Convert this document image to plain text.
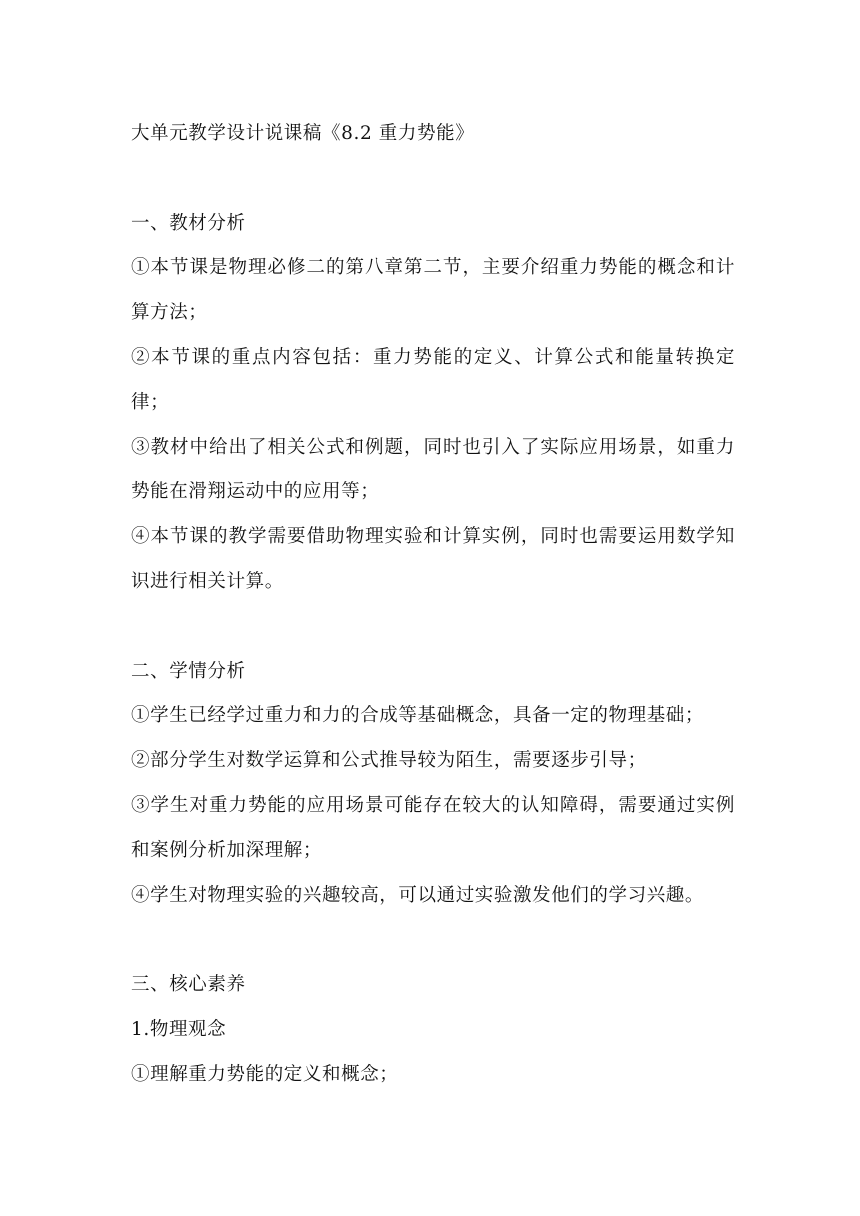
大单元教学设计说课稿《8.2 重力势能》
一、教材分析
①本节课是物理必修二的第八章第二节，主要介绍重力势能的概念和计算方法；
②本节课的重点内容包括：重力势能的定义、计算公式和能量转换定律；
③教材中给出了相关公式和例题，同时也引入了实际应用场景，如重力势能在滑翔运动中的应用等；
④本节课的教学需要借助物理实验和计算实例，同时也需要运用数学知识进行相关计算。
二、学情分析
①学生已经学过重力和力的合成等基础概念，具备一定的物理基础；
②部分学生对数学运算和公式推导较为陌生，需要逐步引导；
③学生对重力势能的应用场景可能存在较大的认知障碍，需要通过实例和案例分析加深理解；
④学生对物理实验的兴趣较高，可以通过实验激发他们的学习兴趣。
三、核心素养
1.物理观念
①理解重力势能的定义和概念；
